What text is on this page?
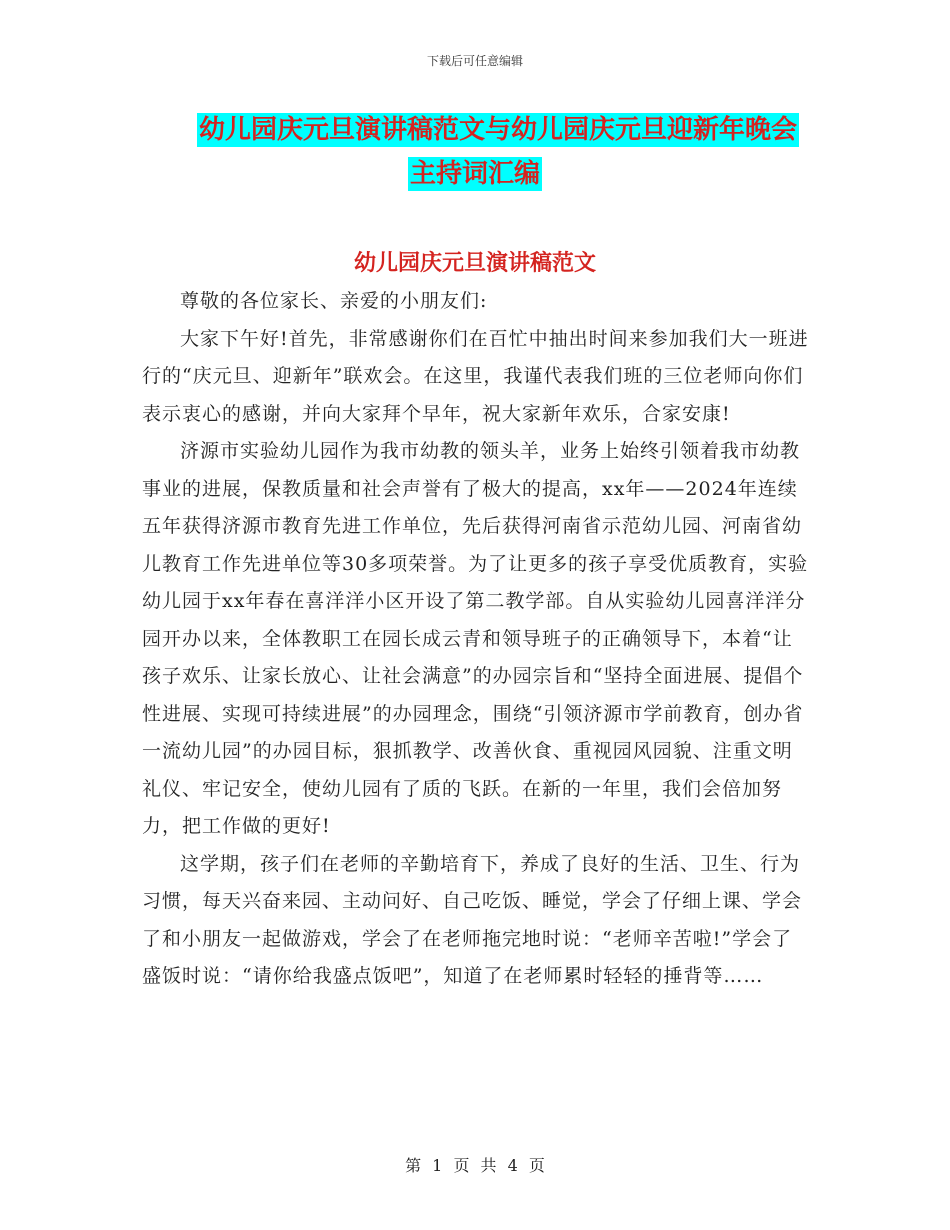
下载后可任意编辑
幼儿园庆元旦演讲稿范文与幼儿园庆元旦迎新年晚会
主持词汇编
幼儿园庆元旦演讲稿范文

尊敬的各位家长、亲爱的小朋友们:

大家下午好!首先，非常感谢你们在百忙中抽出时间来参加我们大一班进行的“庆元旦、迎新年”联欢会。在这里，我谨代表我们班的三位老师向你们表示衷心的感谢，并向大家拜个早年，祝大家新年欢乐，合家安康!

济源市实验幼儿园作为我市幼教的领头羊，业务上始终引领着我市幼教事业的进展，保教质量和社会声誉有了极大的提高，xx年——2024年连续五年获得济源市教育先进工作单位，先后获得河南省示范幼儿园、河南省幼儿教育工作先进单位等30多项荣誉。为了让更多的孩子享受优质教育，实验幼儿园于xx年春在喜洋洋小区开设了第二教学部。自从实验幼儿园喜洋洋分园开办以来，全体教职工在园长成云青和领导班子的正确领导下，本着“让孩子欢乐、让家长放心、让社会满意”的办园宗旨和“坚持全面进展、提倡个性进展、实现可持续进展”的办园理念，围绕“引领济源市学前教育，创办省一流幼儿园”的办园目标，狠抓教学、改善伙食、重视园风园貌、注重文明礼仪、牢记安全，使幼儿园有了质的飞跃。在新的一年里，我们会倍加努力，把工作做的更好!

这学期，孩子们在老师的辛勤培育下，养成了良好的生活、卫生、行为习惯，每天兴奋来园、主动问好、自己吃饭、睡觉，学会了仔细上课、学会了和小朋友一起做游戏，学会了在老师拖完地时说：“老师辛苦啦!”学会了盛饭时说：“请你给我盛点饭吧”，知道了在老师累时轻轻的捶背等……

第 1 页 共 4 页
